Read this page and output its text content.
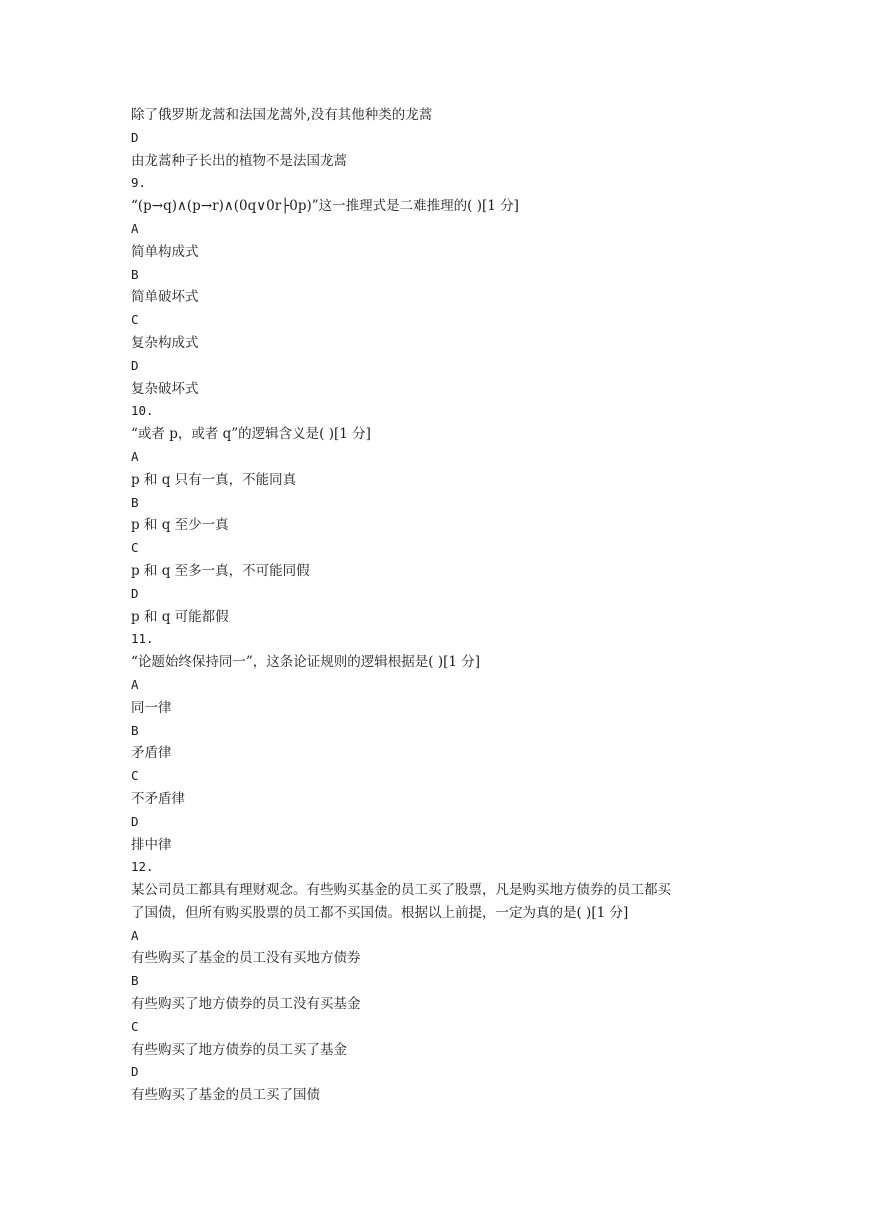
除了俄罗斯龙蒿和法国龙蒿外,没有其他种类的龙蒿
D
由龙蒿种子长出的植物不是法国龙蒿
9.
“(p→q)∧(p→r)∧(0q∨0r├0p)”这一推理式是二难推理的( )[1 分]
A
简单构成式
B
简单破坏式
C
复杂构成式
D
复杂破坏式
10.
“或者 p，或者 q”的逻辑含义是( )[1 分]
A
p 和 q 只有一真，不能同真
B
p 和 q 至少一真
C
p 和 q 至多一真，不可能同假
D
p 和 q 可能都假
11.
“论题始终保持同一”，这条论证规则的逻辑根据是( )[1 分]
A
同一律
B
矛盾律
C
不矛盾律
D
排中律
12.
某公司员工都具有理财观念。有些购买基金的员工买了股票，凡是购买地方债券的员工都买
了国债，但所有购买股票的员工都不买国债。根据以上前提，一定为真的是( )[1 分]
A
有些购买了基金的员工没有买地方债券
B
有些购买了地方债券的员工没有买基金
C
有些购买了地方债券的员工买了基金
D
有些购买了基金的员工买了国债
